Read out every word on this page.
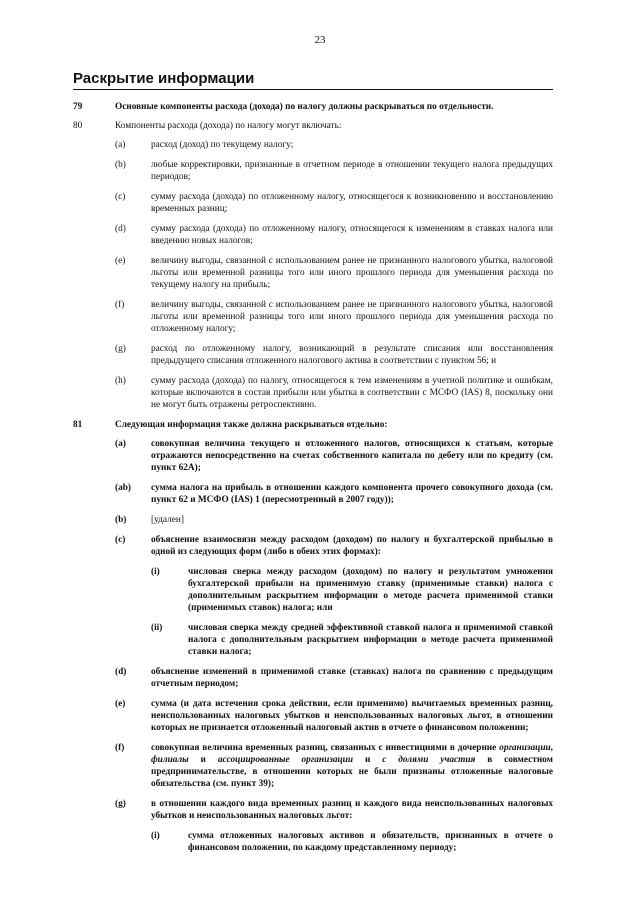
23
Раскрытие информации
79	Основные компоненты расхода (дохода) по налогу должны раскрываться по отдельности.
80	Компоненты расхода (дохода) по налогу могут включать:
(a)	расход (доход) по текущему налогу;
(b)	любые корректировки, признанные в отчетном периоде в отношении текущего налога предыдущих периодов;
(c)	сумму расхода (дохода) по отложенному налогу, относящегося к возникновению и восстановлению временных разниц;
(d)	сумму расхода (дохода) по отложенному налогу, относящегося к изменениям в ставках налога или введению новых налогов;
(e)	величину выгоды, связанной с использованием ранее не признанного налогового убытка, налоговой льготы или временной разницы того или иного прошлого периода для уменьшения расхода по текущему налогу на прибыль;
(f)	величину выгоды, связанной с использованием ранее не признанного налогового убытка, налоговой льготы или временной разницы того или иного прошлого периода для уменьшения расхода по отложенному налогу;
(g)	расход по отложенному налогу, возникающий в результате списания или восстановления предыдущего списания отложенного налогового актива в соответствии с пунктом 56; и
(h)	сумму расхода (дохода) по налогу, относящегося к тем изменениям в учетной политике и ошибкам, которые включаются в состав прибыли или убытка в соответствии с МСФО (IAS) 8, поскольку они не могут быть отражены ретроспективно.
81	Следующая информация также должна раскрываться отдельно:
(a)	совокупная величина текущего и отложенного налогов, относящихся к статьям, которые отражаются непосредственно на счетах собственного капитала по дебету или по кредиту (см. пункт 62A);
(ab)	сумма налога на прибыль в отношении каждого компонента прочего совокупного дохода (см. пункт 62 и МСФО (IAS) 1 (пересмотренный в 2007 году));
(b)	[удален]
(c)	объяснение взаимосвязи между расходом (доходом) по налогу и бухгалтерской прибылью в одной из следующих форм (либо в обеих этих формах):
(i)	числовая сверка между расходом (доходом) по налогу и результатом умножения бухгалтерской прибыли на применимую ставку (применимые ставки) налога с дополнительным раскрытием информации о методе расчета применимой ставки (применимых ставок) налога; или
(ii)	числовая сверка между средней эффективной ставкой налога и применимой ставкой налога с дополнительным раскрытием информации о методе расчета применимой ставки налога;
(d)	объяснение изменений в применимой ставке (ставках) налога по сравнению с предыдущим отчетным периодом;
(e)	сумма (и дата истечения срока действия, если применимо) вычитаемых временных разниц, неиспользованных налоговых убытков и неиспользованных налоговых льгот, в отношении которых не признается отложенный налоговый актив в отчете о финансовом положении;
(f)	совокупная величина временных разниц, связанных с инвестициями в дочерние организации, филиалы и ассоциированные организации и с долями участия в совместном предпринимательстве, в отношении которых не были признаны отложенные налоговые обязательства (см. пункт 39);
(g)	в отношении каждого вида временных разниц и каждого вида неиспользованных налоговых убытков и неиспользованных налоговых льгот:
(i)	сумма отложенных налоговых активов и обязательств, признанных в отчете о финансовом положении, по каждому представленному периоду;
